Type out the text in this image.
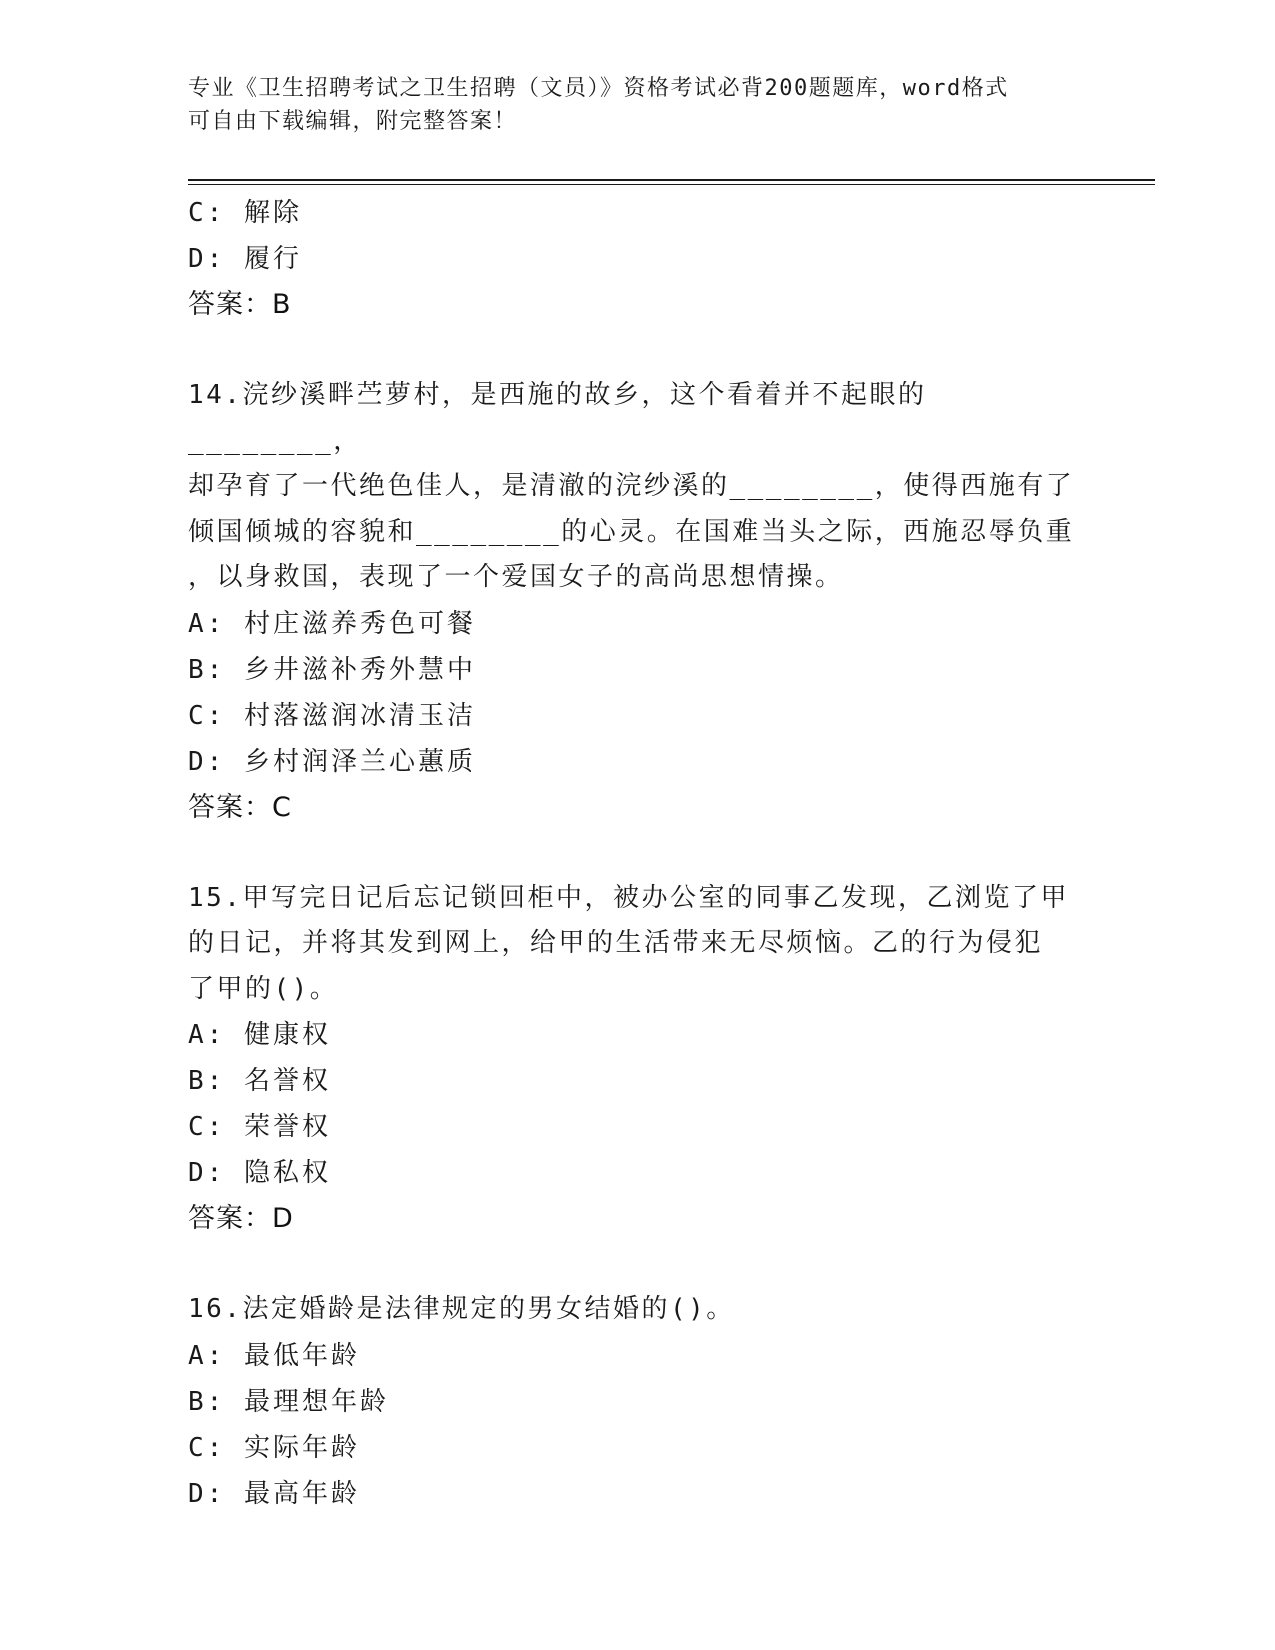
专业《卫生招聘考试之卫生招聘（文员）》资格考试必背200题题库，word格式
可自由下载编辑，附完整答案！
C: 解除
D: 履行
答案：B
14.浣纱溪畔苎萝村，是西施的故乡，这个看着并不起眼的________，
却孕育了一代绝色佳人，是清澈的浣纱溪的________，使得西施有了
倾国倾城的容貌和________的心灵。在国难当头之际，西施忍辱负重
，以身救国，表现了一个爱国女子的高尚思想情操。
A: 村庄滋养秀色可餐
B: 乡井滋补秀外慧中
C: 村落滋润冰清玉洁
D: 乡村润泽兰心蕙质
答案：C
15.甲写完日记后忘记锁回柜中，被办公室的同事乙发现，乙浏览了甲
的日记，并将其发到网上，给甲的生活带来无尽烦恼。乙的行为侵犯
了甲的()。
A: 健康权
B: 名誉权
C: 荣誉权
D: 隐私权
答案：D
16.法定婚龄是法律规定的男女结婚的()。
A: 最低年龄
B: 最理想年龄
C: 实际年龄
D: 最高年龄
